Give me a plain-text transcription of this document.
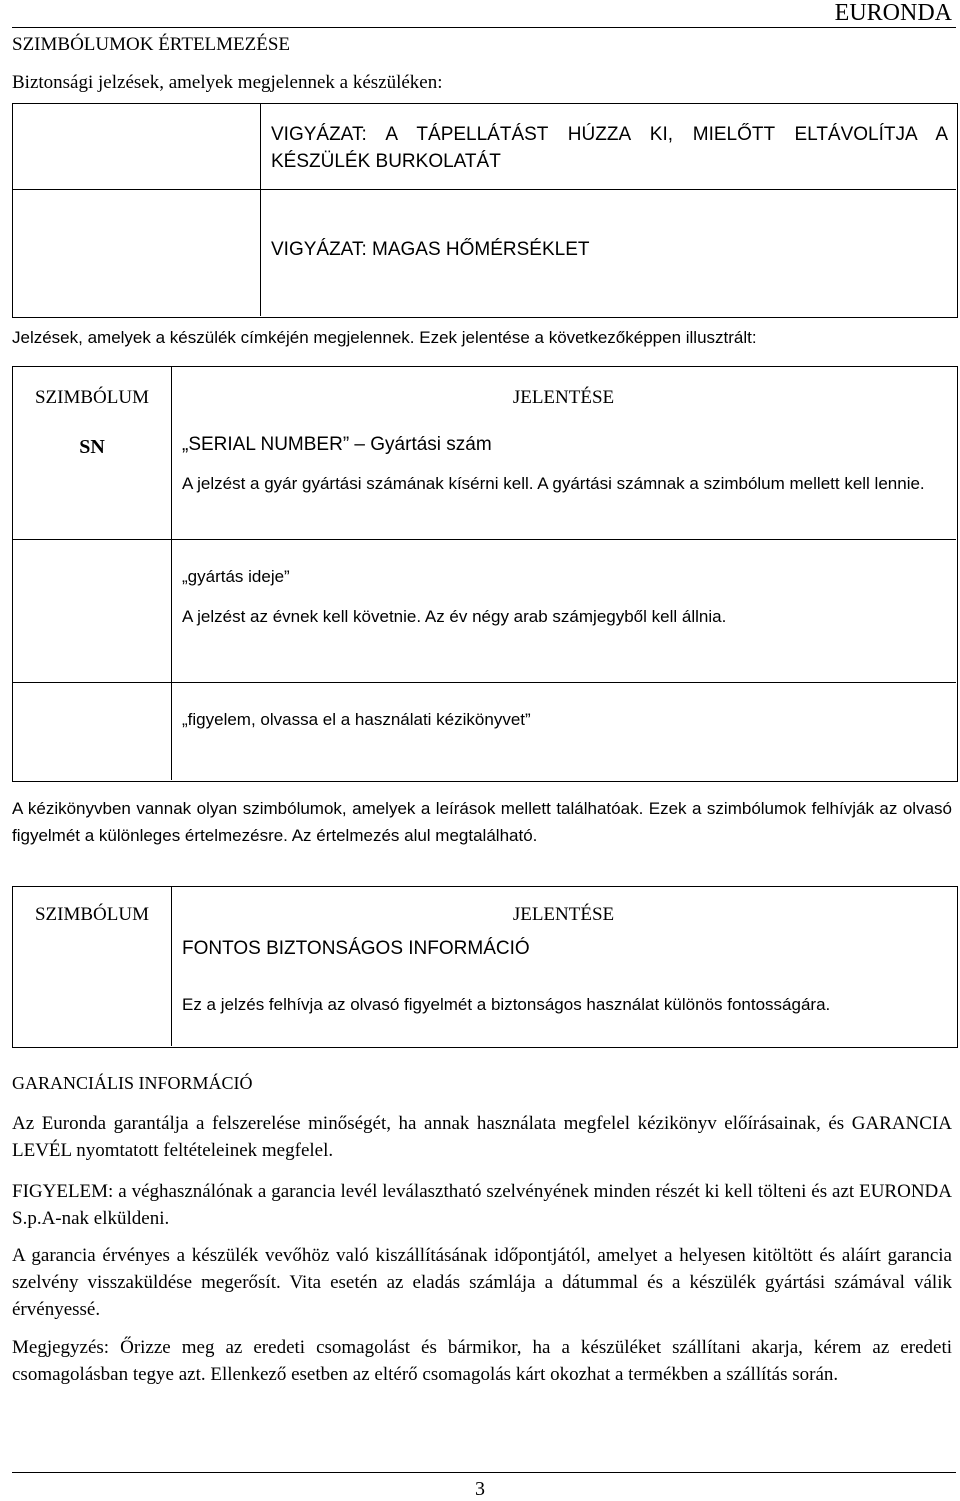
EURONDA
SZIMBÓLUMOK ÉRTELMEZÉSE
Biztonsági jelzések, amelyek megjelennek a készüléken:
VIGYÁZAT: A TÁPELLÁTÁST HÚZZA KI, MIELŐTT ELTÁVOLÍTJA A KÉSZÜLÉK BURKOLATÁT
VIGYÁZAT: MAGAS HŐMÉRSÉKLET
Jelzések, amelyek a készülék címkéjén megjelennek. Ezek jelentése a következőképpen illusztrált:
SZIMBÓLUM	JELENTÉSE
SN	„SERIAL NUMBER” – Gyártási szám
A jelzést a gyár gyártási számának kísérni kell. A gyártási számnak a szimbólum mellett kell lennie.
„gyártás ideje”
A jelzést az évnek kell követnie. Az év négy arab számjegyből kell állnia.
„figyelem, olvassa el a használati kézikönyvet”
A kézikönyvben vannak olyan szimbólumok, amelyek a leírások mellett találhatóak. Ezek a szimbólumok felhívják az olvasó figyelmét a különleges értelmezésre. Az értelmezés alul megtalálható.
SZIMBÓLUM	JELENTÉSE
FONTOS BIZTONSÁGOS INFORMÁCIÓ
Ez a jelzés felhívja az olvasó figyelmét a biztonságos használat különös fontosságára.
GARANCIÁLIS INFORMÁCIÓ
Az Euronda garantálja a felszerelése minőségét, ha annak használata megfelel kézikönyv előírásainak, és GARANCIA LEVÉL nyomtatott feltételeinek megfelel.
FIGYELEM: a véghasználónak a garancia levél leválasztható szelvényének minden részét ki kell tölteni és azt EURONDA S.p.A-nak elküldeni.
A garancia érvényes a készülék vevőhöz való kiszállításának időpontjától, amelyet a helyesen kitöltött és aláírt garancia szelvény visszaküldése megerősít. Vita esetén az eladás számlája a dátummal és a készülék gyártási számával válik érvényessé.
Megjegyzés: Őrizze meg az eredeti csomagolást és bármikor, ha a készüléket szállítani akarja, kérem az eredeti csomagolásban tegye azt. Ellenkező esetben az eltérő csomagolás kárt okozhat a termékben a szállítás során.
3
